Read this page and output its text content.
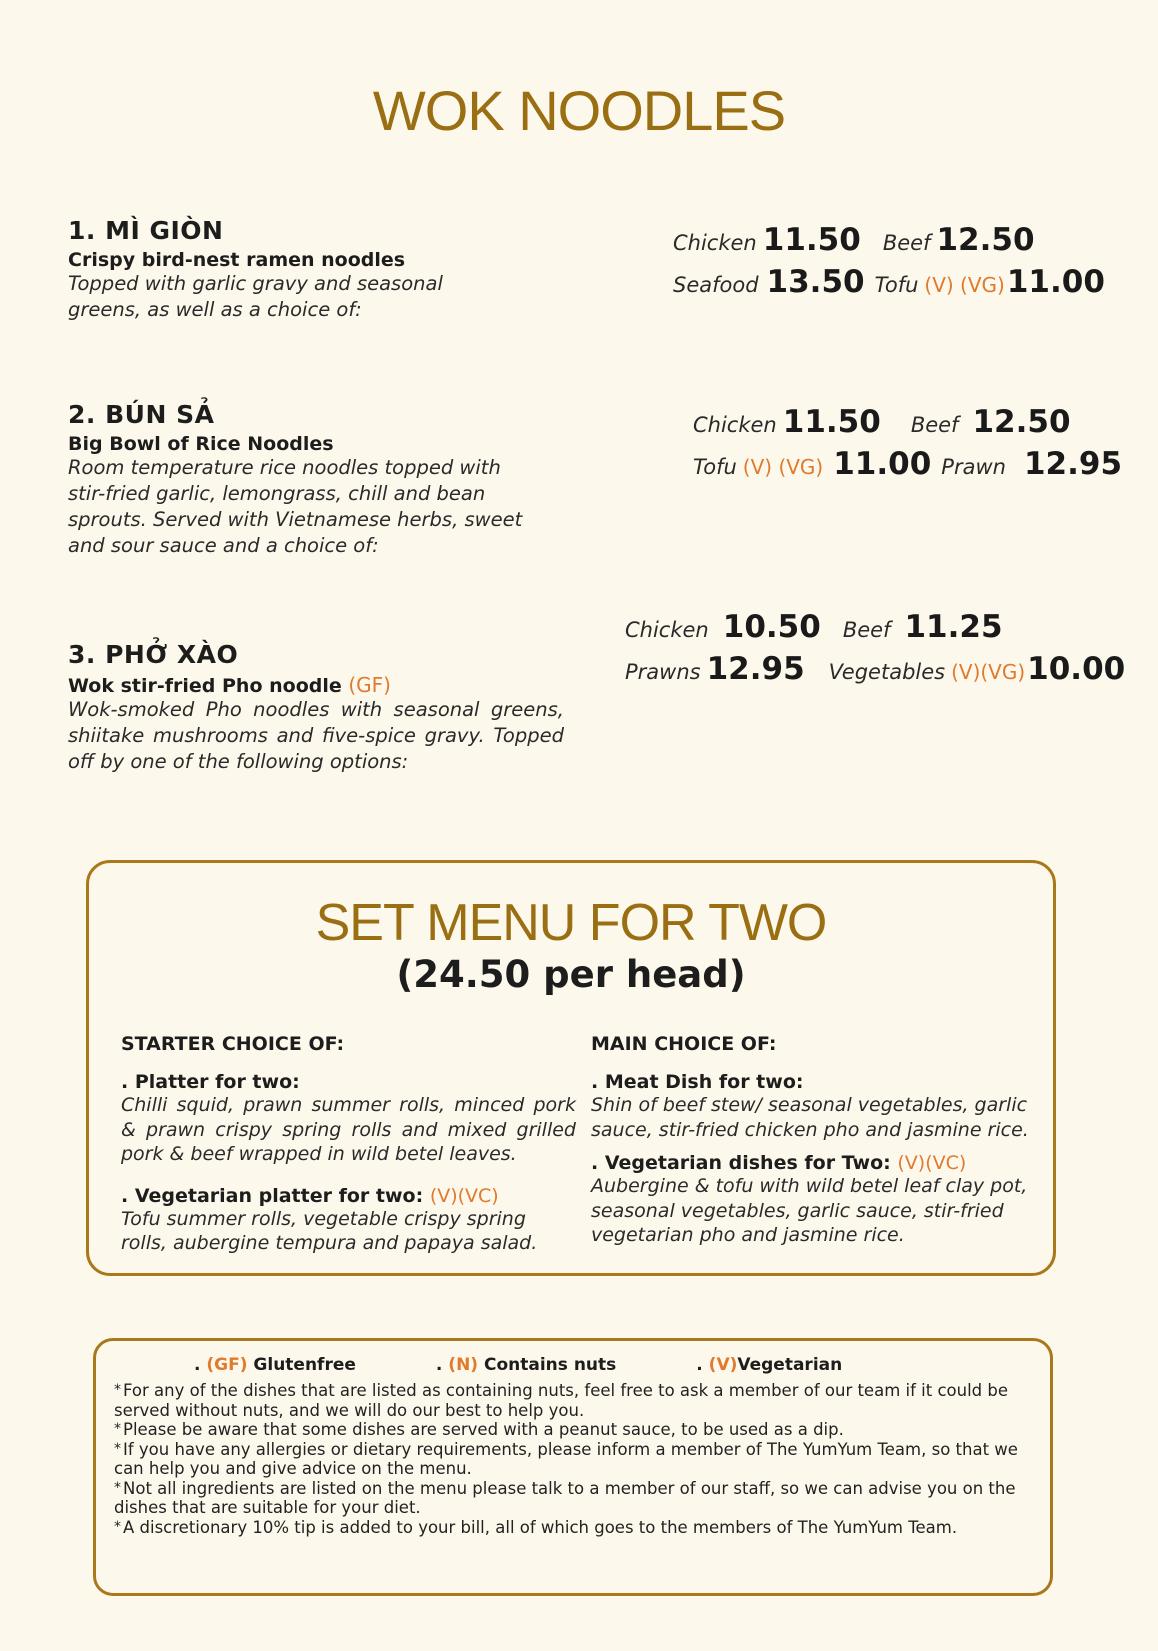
WOK NOODLES

1. MÌ GIÒN

Crispy bird-nest ramen noodles

Topped with garlic gravy and seasonal greens, as well as a choice of:

Chicken 11.50 Beef 12.50
Seafood 13.50 Tofu (V) (VG) 11.00

2. BÚN SẢ

Big Bowl of Rice Noodles

Room temperature rice noodles topped with stir-fried garlic, lemongrass, chill and bean sprouts. Served with Vietnamese herbs, sweet and sour sauce and a choice of:

Chicken 11.50 Beef 12.50
Tofu (V) (VG) 11.00 Prawn 12.95

3. PHỞ XÀO

Wok stir-fried Pho noodle (GF)

Wok-smoked Pho noodles with seasonal greens, shiitake mushrooms and five-spice gravy. Topped off by one of the following options:

Chicken 10.50 Beef 11.25
Prawns 12.95 Vegetables (V)(VG) 10.00
SET MENU FOR TWO

(24.50 per head)

STARTER CHOICE OF:

. Platter for two:

Chilli squid, prawn summer rolls, minced pork & prawn crispy spring rolls and mixed grilled pork & beef wrapped in wild betel leaves.

. Vegetarian platter for two: (V)(VC)

Tofu summer rolls, vegetable crispy spring rolls, aubergine tempura and papaya salad.

MAIN CHOICE OF:

. Meat Dish for two:

Shin of beef stew/ seasonal vegetables, garlic sauce, stir-fried chicken pho and jasmine rice.

. Vegetarian dishes for Two: (V)(VC)

Aubergine & tofu with wild betel leaf clay pot, seasonal vegetables, garlic sauce, stir-fried vegetarian pho and jasmine rice.

. (GF) Glutenfree	. (N) Contains nuts	. (V)Vegetarian

* For any of the dishes that are listed as containing nuts, feel free to ask a member of our team if it could be served without nuts, and we will do our best to help you.

* Please be aware that some dishes are served with a peanut sauce, to be used as a dip.

* If you have any allergies or dietary requirements, please inform a member of The YumYum Team, so that we can help you and give advice on the menu.

* Not all ingredients are listed on the menu please talk to a member of our staff, so we can advise you on the dishes that are suitable for your diet.

* A discretionary 10% tip is added to your bill, all of which goes to the members of The YumYum Team.
